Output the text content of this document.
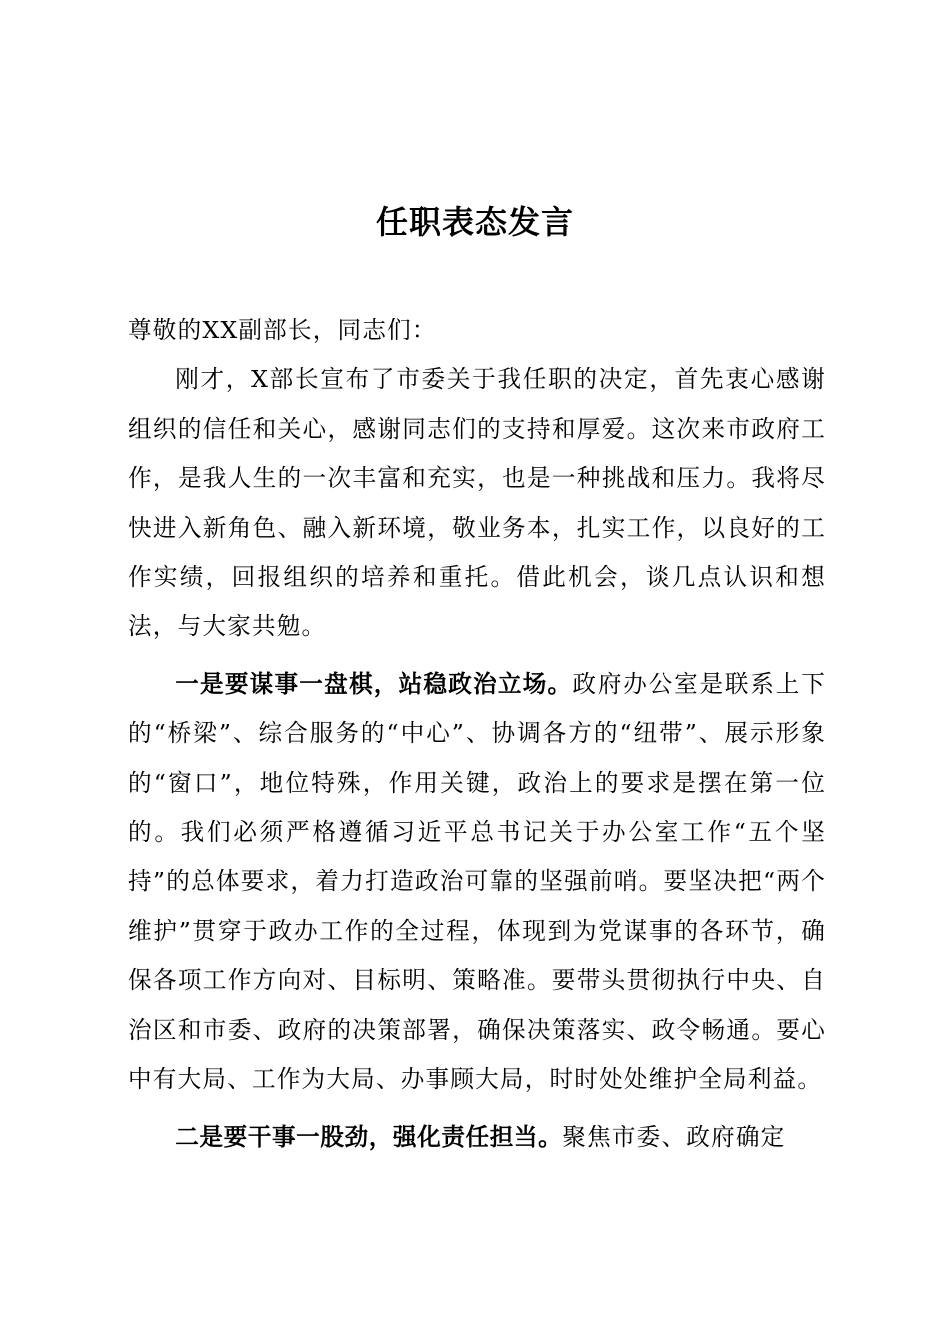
任职表态发言

尊敬的XX副部长，同志们：

刚才，X部长宣布了市委关于我任职的决定，首先衷心感谢组织的信任和关心，感谢同志们的支持和厚爱。这次来市政府工作，是我人生的一次丰富和充实，也是一种挑战和压力。我将尽快进入新角色、融入新环境，敬业务本，扎实工作，以良好的工作实绩，回报组织的培养和重托。借此机会，谈几点认识和想法，与大家共勉。

一是要谋事一盘棋，站稳政治立场。政府办公室是联系上下的“桥梁”、综合服务的“中心”、协调各方的“纽带”、展示形象的“窗口”，地位特殊，作用关键，政治上的要求是摆在第一位的。我们必须严格遵循习近平总书记关于办公室工作“五个坚持”的总体要求，着力打造政治可靠的坚强前哨。要坚决把“两个维护”贯穿于政办工作的全过程，体现到为党谋事的各环节，确保各项工作方向对、目标明、策略准。要带头贯彻执行中央、自治区和市委、政府的决策部署，确保决策落实、政令畅通。要心中有大局、工作为大局、办事顾大局，时时处处维护全局利益。

二是要干事一股劲，强化责任担当。聚焦市委、政府确定
